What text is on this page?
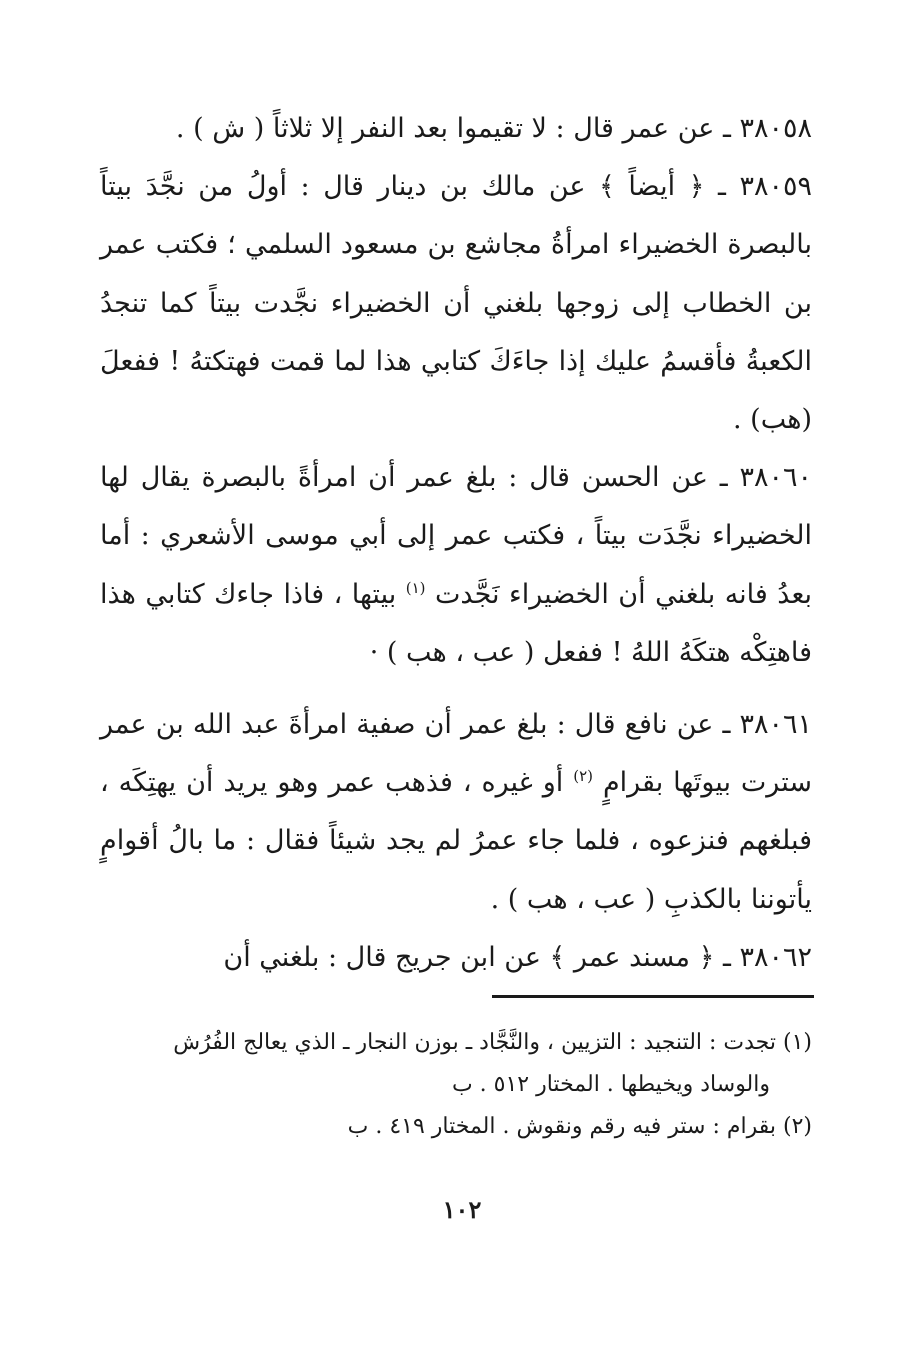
٣٨٠٥٨ ـ عن عمر قال : لا تقيموا بعد النفر إلا ثلاثاً ( ش ) .

٣٨٠٥٩ ـ ﴿ أيضاً ﴾ عن مالك بن دينار قال : أولُ من نجَّدَ بيتاً بالبصرة الخضيراء امرأةُ مجاشع بن مسعود السلمي ؛ فكتب عمر بن الخطاب إلى زوجها بلغني أن الخضيراء نجَّدت بيتاً كما تنجدُ الكعبةُ فأقسمُ عليك إذا جاءَكَ كتابي هذا لما قمت فهتكتهُ ! ففعلَ (هب) .

٣٨٠٦٠ ـ عن الحسن قال : بلغ عمر أن امرأةً بالبصرة يقال لها الخضيراء نجَّدَت بيتاً ، فكتب عمر إلى أبي موسى الأشعري : أما بعدُ فانه بلغني أن الخضيراء نَجَّدت $^{(١)}$ بيتها ، فاذا جاءك كتابي هذا فاهتِكْه هتكَهُ اللهُ ! ففعل ( عب ، هب ) ·

٣٨٠٦١ ـ عن نافع قال : بلغ عمر أن صفية امرأةَ عبد الله بن عمر سترت بيوتَها بقرامٍ $^{(٢)}$ أو غيره ، فذهب عمر وهو يريد أن يهتِكَه ، فبلغهم فنزعوه ، فلما جاء عمرُ لم يجد شيئاً فقال : ما بالُ أقوامٍ يأتوننا بالكذبِ ( عب ، هب ) .

٣٨٠٦٢ ـ ﴿ مسند عمر ﴾ عن ابن جريج قال : بلغني أن

(١) تجدت : التنجيد : التزيين ، والنَّجَّاد ـ بوزن النجار ـ الذي يعالج الفُرُش والوساد ويخيطها . المختار ٥١٢ . ب

(٢) بقرام : ستر فيه رقم ونقوش . المختار ٤١٩ . ب

١٠٢
